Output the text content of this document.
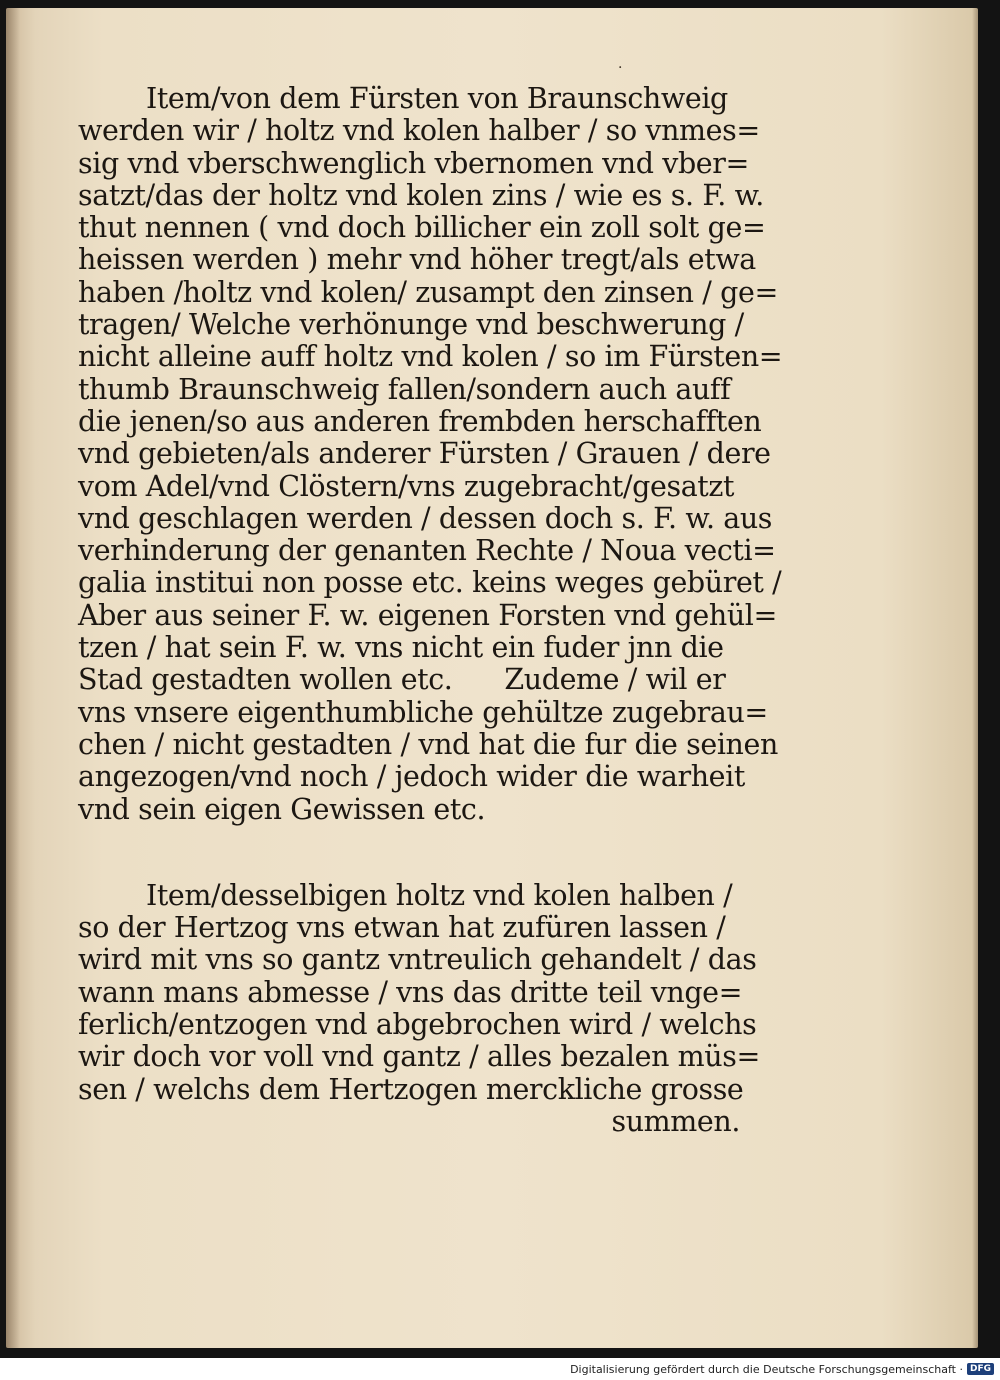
·
Item/von dem Fürsten von Braunschweig
werden wir / holtz vnd kolen halber / so vnmes=
sig vnd vberschwenglich vbernomen vnd vber=
satzt/das der holtz vnd kolen zins / wie es s. F. w.
thut nennen ( vnd doch billicher ein zoll solt ge=
heissen werden ) mehr vnd höher tregt/als etwa
haben /holtz vnd kolen/ zusampt den zinsen / ge=
tragen/ Welche verhönunge vnd beschwerung /
nicht alleine auff holtz vnd kolen / so im Fürsten=
thumb Braunschweig fallen/sondern auch auff
die jenen/so aus anderen frembden herschafften
vnd gebieten/als anderer Fürsten / Grauen / dere
vom Adel/vnd Clöstern/vns zugebracht/gesatzt
vnd geschlagen werden / dessen doch s. F. w. aus
verhinderung der genanten Rechte / Noua vecti=
galia institui non posse etc. keins weges gebüret /
Aber aus seiner F. w. eigenen Forsten vnd gehül=
tzen / hat sein F. w. vns nicht ein fuder jnn die
Stad gestadten wollen etc.      Zudeme / wil er
vns vnsere eigenthumbliche gehültze zugebrau=
chen / nicht gestadten / vnd hat die fur die seinen
angezogen/vnd noch / jedoch wider die warheit
vnd sein eigen Gewissen etc.
Item/desselbigen holtz vnd kolen halben /
so der Hertzog vns etwan hat zufüren lassen /
wird mit vns so gantz vntreulich gehandelt / das
wann mans abmesse / vns das dritte teil vnge=
ferlich/entzogen vnd abgebrochen wird / welchs
wir doch vor voll vnd gantz / alles bezalen müs=
sen / welchs dem Hertzogen merckliche grosse
summen.
Digitalisierung gefördert durch die Deutsche Forschungsgemeinschaft · DFG
